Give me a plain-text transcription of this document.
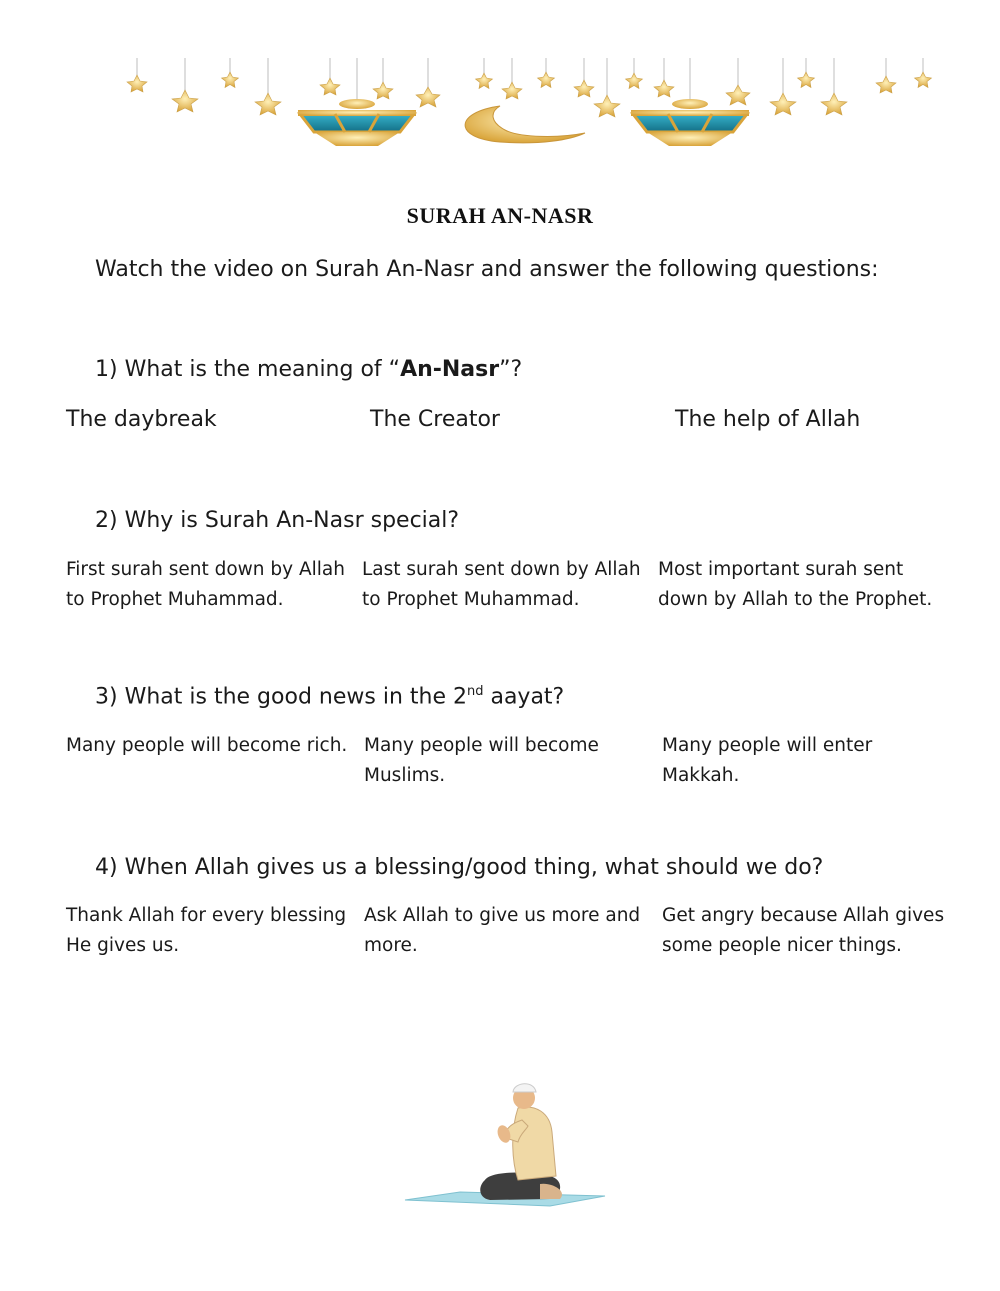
SURAH AN-NASR
Watch the video on Surah An-Nasr and answer the following questions:
1) What is the meaning of “An-Nasr”?
The daybreak	The Creator	The help of Allah
2) Why is Surah An-Nasr special?
First surah sent down by Allah to Prophet Muhammad.
Last surah sent down by Allah to Prophet Muhammad.
Most important surah sent down by Allah to the Prophet.
3) What is the good news in the 2nd aayat?
Many people will become rich. Many people will become Muslims.
Many people will enter Makkah.
4) When Allah gives us a blessing/good thing, what should we do?
Thank Allah for every blessing He gives us.
Ask Allah to give us more and more.
Get angry because Allah gives some people nicer things.
